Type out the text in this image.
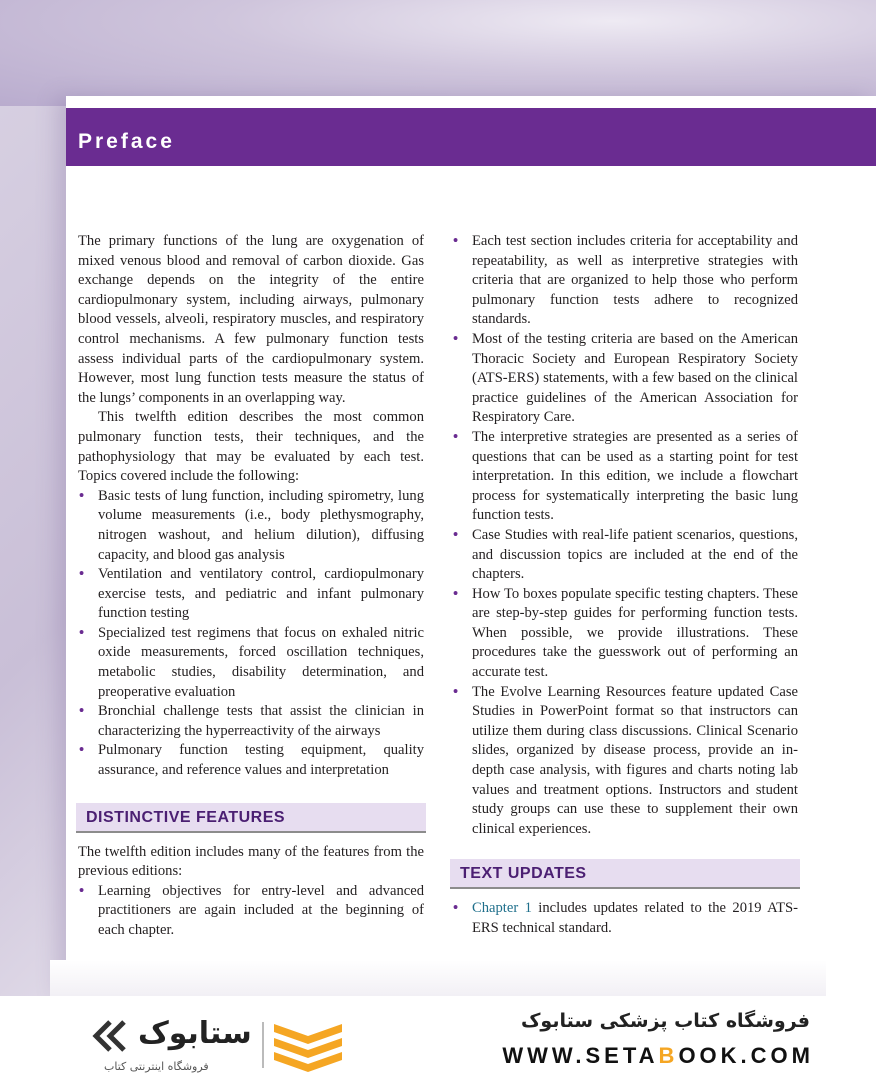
Preface

The primary functions of the lung are oxygenation of mixed venous blood and removal of carbon dioxide. Gas exchange depends on the integrity of the entire cardiopulmonary system, including airways, pulmonary blood vessels, alveoli, respiratory muscles, and respiratory control mechanisms. A few pulmonary function tests assess individual parts of the cardiopulmonary system. However, most lung function tests measure the status of the lungs’ components in an overlapping way.

This twelfth edition describes the most common pulmonary function tests, their techniques, and the pathophysiology that may be evaluated by each test. Topics covered include the following:

• Basic tests of lung function, including spirometry, lung volume measurements (i.e., body plethysmography, nitrogen washout, and helium dilution), diffusing capacity, and blood gas analysis
• Ventilation and ventilatory control, cardiopulmonary exercise tests, and pediatric and infant pulmonary function testing
• Specialized test regimens that focus on exhaled nitric oxide measurements, forced oscillation techniques, metabolic studies, disability determination, and preoperative evaluation
• Bronchial challenge tests that assist the clinician in characterizing the hyperreactivity of the airways
• Pulmonary function testing equipment, quality assurance, and reference values and interpretation
DISTINCTIVE FEATURES

The twelfth edition includes many of the features from the previous editions:

• Learning objectives for entry-level and advanced practitioners are again included at the beginning of each chapter.
• Each test section includes criteria for acceptability and repeatability, as well as interpretive strategies with criteria that are organized to help those who perform pulmonary function tests adhere to recognized standards.
• Most of the testing criteria are based on the American Thoracic Society and European Respiratory Society (ATS-ERS) statements, with a few based on the clinical practice guidelines of the American Association for Respiratory Care.
• The interpretive strategies are presented as a series of questions that can be used as a starting point for test interpretation. In this edition, we include a flowchart process for systematically interpreting the basic lung function tests.
• Case Studies with real-life patient scenarios, questions, and discussion topics are included at the end of the chapters.
• How To boxes populate specific testing chapters. These are step-by-step guides for performing function tests. When possible, we provide illustrations. These procedures take the guesswork out of performing an accurate test.
• The Evolve Learning Resources feature updated Case Studies in PowerPoint format so that instructors can utilize them during class discussions. Clinical Scenario slides, organized by disease process, provide an in-depth case analysis, with figures and charts noting lab values and treatment options. Instructors and student study groups can use these to supplement their own clinical experiences.
TEXT UPDATES
• Chapter 1 includes updates related to the 2019 ATS-ERS technical standard.
ستابوک
فروشگاه اینترنتی کتاب
فروشگاه کتاب پزشکی ستابوک
WWW.SETABOOK.COM
